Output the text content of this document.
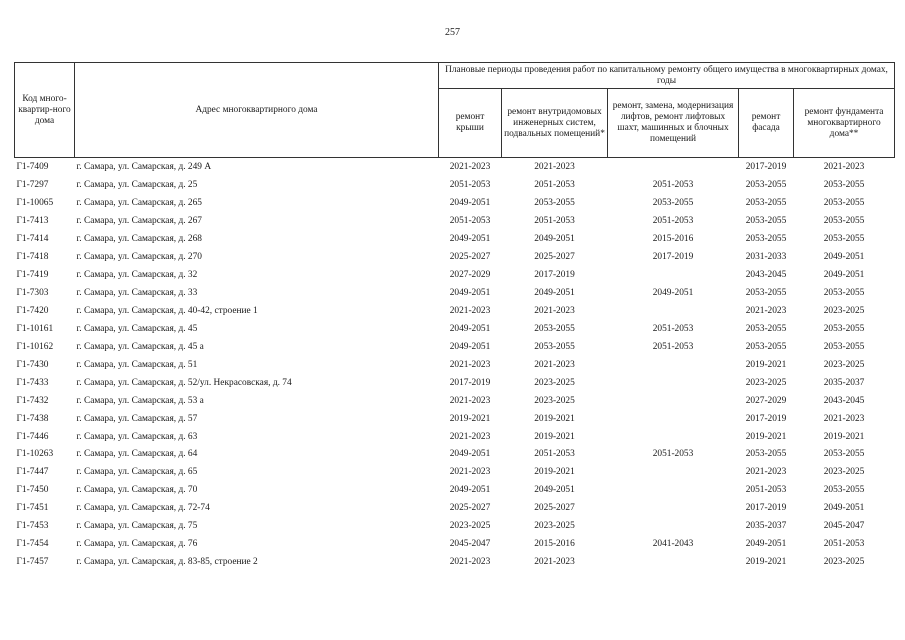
257
Код много-квартир-ного дома	Адрес многоквартирного дома	Плановые периоды проведения работ по капитальному ремонту общего имущества в многоквартирных домах, годы				
		ремонт крыши	ремонт внутридомовых инженерных систем, подвальных помещений*	ремонт, замена, модернизация лифтов, ремонт лифтовых шахт, машинных и блочных помещений	ремонт фасада	ремонт фундамента многоквартирного дома**
Г1-7409	г. Самара, ул. Самарская, д. 249 А	2021-2023	2021-2023		2017-2019	2021-2023
Г1-7297	г. Самара, ул. Самарская, д. 25	2051-2053	2051-2053	2051-2053	2053-2055	2053-2055
Г1-10065	г. Самара, ул. Самарская, д. 265	2049-2051	2053-2055	2053-2055	2053-2055	2053-2055
Г1-7413	г. Самара, ул. Самарская, д. 267	2051-2053	2051-2053	2051-2053	2053-2055	2053-2055
Г1-7414	г. Самара, ул. Самарская, д. 268	2049-2051	2049-2051	2015-2016	2053-2055	2053-2055
Г1-7418	г. Самара, ул. Самарская, д. 270	2025-2027	2025-2027	2017-2019	2031-2033	2049-2051
Г1-7419	г. Самара, ул. Самарская, д. 32	2027-2029	2017-2019		2043-2045	2049-2051
Г1-7303	г. Самара, ул. Самарская, д. 33	2049-2051	2049-2051	2049-2051	2053-2055	2053-2055
Г1-7420	г. Самара, ул. Самарская, д. 40-42, строение 1	2021-2023	2021-2023		2021-2023	2023-2025
Г1-10161	г. Самара, ул. Самарская, д. 45	2049-2051	2053-2055	2051-2053	2053-2055	2053-2055
Г1-10162	г. Самара, ул. Самарская, д. 45 а	2049-2051	2053-2055	2051-2053	2053-2055	2053-2055
Г1-7430	г. Самара, ул. Самарская, д. 51	2021-2023	2021-2023		2019-2021	2023-2025
Г1-7433	г. Самара, ул. Самарская, д. 52/ул. Некрасовская, д. 74	2017-2019	2023-2025		2023-2025	2035-2037
Г1-7432	г. Самара, ул. Самарская, д. 53 а	2021-2023	2023-2025		2027-2029	2043-2045
Г1-7438	г. Самара, ул. Самарская, д. 57	2019-2021	2019-2021		2017-2019	2021-2023
Г1-7446	г. Самара, ул. Самарская, д. 63	2021-2023	2019-2021		2019-2021	2019-2021
Г1-10263	г. Самара, ул. Самарская, д. 64	2049-2051	2051-2053	2051-2053	2053-2055	2053-2055
Г1-7447	г. Самара, ул. Самарская, д. 65	2021-2023	2019-2021		2021-2023	2023-2025
Г1-7450	г. Самара, ул. Самарская, д. 70	2049-2051	2049-2051		2051-2053	2053-2055
Г1-7451	г. Самара, ул. Самарская, д. 72-74	2025-2027	2025-2027		2017-2019	2049-2051
Г1-7453	г. Самара, ул. Самарская, д. 75	2023-2025	2023-2025		2035-2037	2045-2047
Г1-7454	г. Самара, ул. Самарская, д. 76	2045-2047	2015-2016	2041-2043	2049-2051	2051-2053
Г1-7457	г. Самара, ул. Самарская, д. 83-85, строение 2	2021-2023	2021-2023		2019-2021	2023-2025
